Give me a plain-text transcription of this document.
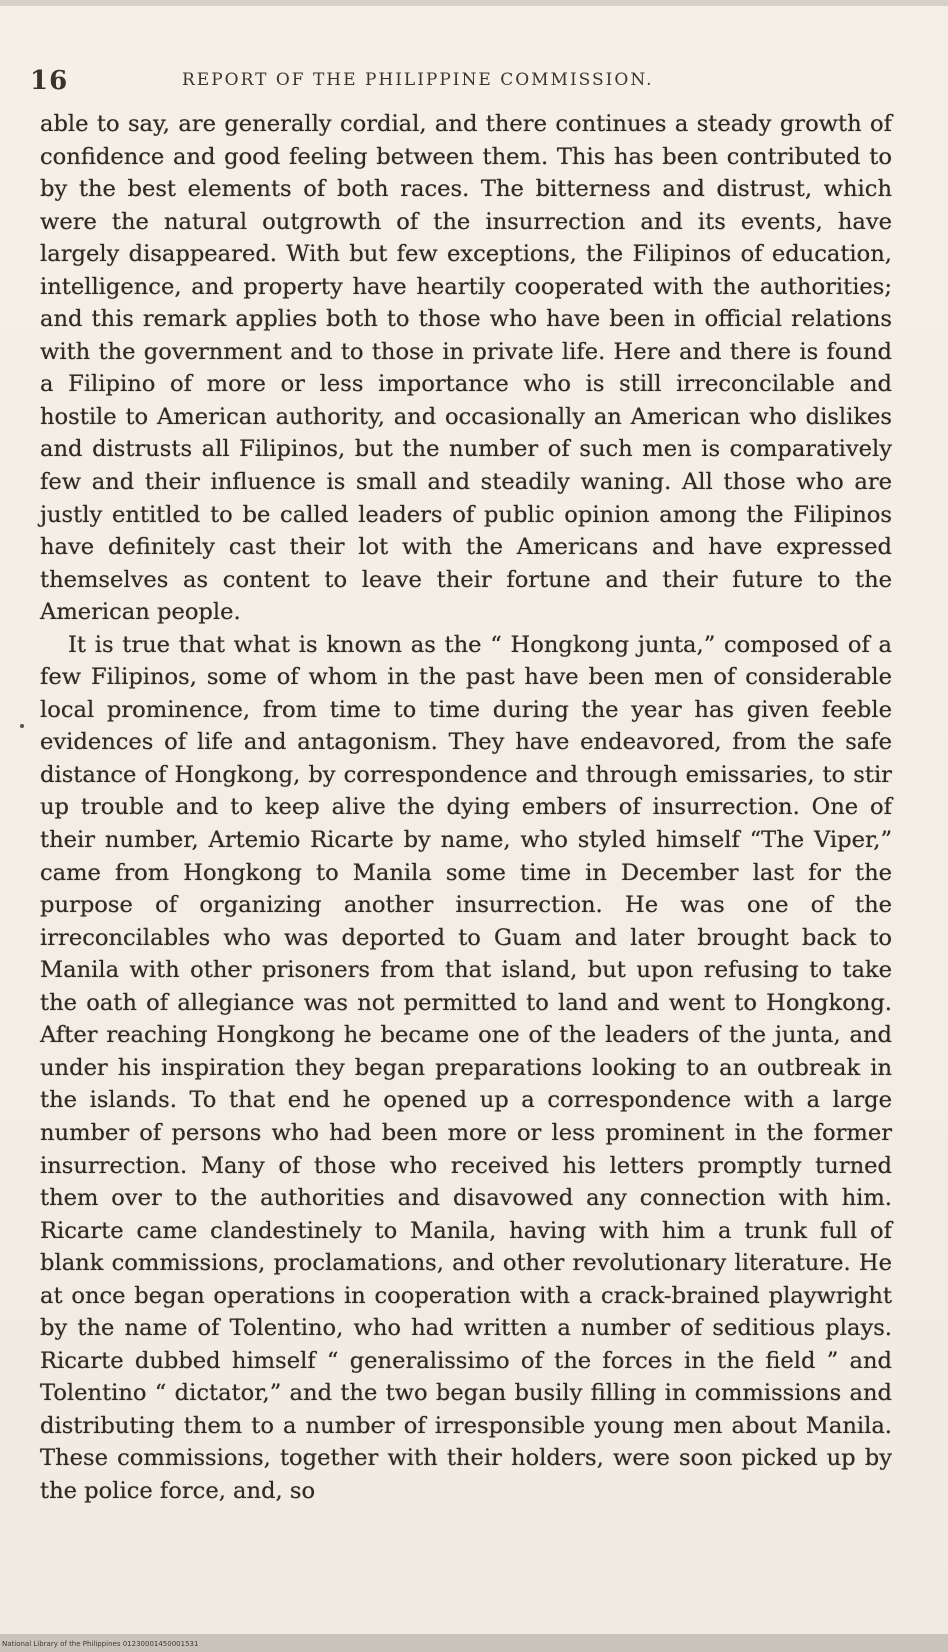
16	REPORT OF THE PHILIPPINE COMMISSION.

able to say, are generally cordial, and there continues a steady growth of confidence and good feeling between them. This has been contributed to by the best elements of both races. The bitterness and distrust, which were the natural outgrowth of the insurrection and its events, have largely disappeared. With but few exceptions, the Filipinos of education, intelligence, and property have heartily cooperated with the authorities; and this remark applies both to those who have been in official relations with the government and to those in private life. Here and there is found a Filipino of more or less importance who is still irreconcilable and hostile to American authority, and occasionally an American who dislikes and distrusts all Filipinos, but the number of such men is comparatively few and their influence is small and steadily waning. All those who are justly entitled to be called leaders of public opinion among the Filipinos have definitely cast their lot with the Americans and have expressed themselves as content to leave their fortune and their future to the American people.

It is true that what is known as the “ Hongkong junta,” composed of a few Filipinos, some of whom in the past have been men of considerable local prominence, from time to time during the year has given feeble evidences of life and antagonism. They have endeavored, from the safe distance of Hongkong, by correspondence and through emissaries, to stir up trouble and to keep alive the dying embers of insurrection. One of their number, Artemio Ricarte by name, who styled himself “The Viper,” came from Hongkong to Manila some time in December last for the purpose of organizing another insurrection. He was one of the irreconcilables who was deported to Guam and later brought back to Manila with other prisoners from that island, but upon refusing to take the oath of allegiance was not permitted to land and went to Hongkong. After reaching Hongkong he became one of the leaders of the junta, and under his inspiration they began preparations looking to an outbreak in the islands. To that end he opened up a correspondence with a large number of persons who had been more or less prominent in the former insurrection. Many of those who received his letters promptly turned them over to the authorities and disavowed any connection with him. Ricarte came clandestinely to Manila, having with him a trunk full of blank commissions, proclamations, and other revolutionary literature. He at once began operations in cooperation with a crack-brained playwright by the name of Tolentino, who had written a number of seditious plays. Ricarte dubbed himself “ generalissimo of the forces in the field ” and Tolentino “ dictator,” and the two began busily filling in commissions and distributing them to a number of irresponsible young men about Manila. These commissions, together with their holders, were soon picked up by the police force, and, so

National Library of the Philippines 01230001450001531
